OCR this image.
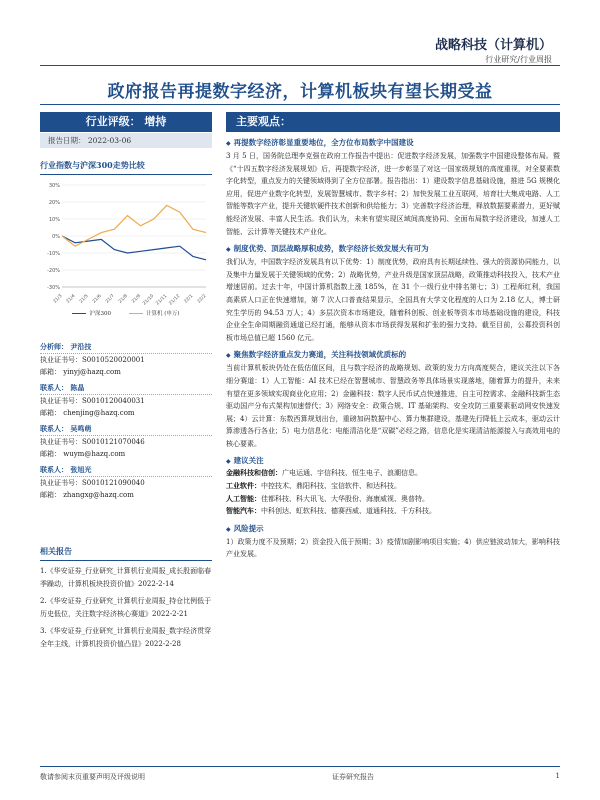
战略科技（计算机）
行业研究/行业周报
政府报告再提数字经济，计算机板块有望长期受益
行业评级： 增持
报告日期： 2022-03-06
行业指数与沪深300走势比较
-30%
-20%
-10%
0%
10%
20%
30%
21/3 21/4 21/5 21/6 21/7 21/8 21/9 21/10 21/11 21/12 22/1 22/2
沪深300	计算机 (申万)
分析师： 尹沿技
执业证书号：S0010520020001
邮箱： yinyj@hazq.com
联系人： 陈晶
执业证书号：S0010120040031
邮箱： chenjing@hazq.com
联系人： 吴鸣萌
执业证书号：S0010121070046
邮箱： wuym@hazq.com
联系人： 张旭光
执业证书号：S0010121090040
邮箱： zhangxg@hazq.com
相关报告
1.《华安证券_行业研究_计算机行业周报_成长股面临春季躁动，计算机板块投资价值》2022-2-14
2.《华安证券_行业研究_计算机行业周报_持仓比例低于历史低位，关注数字经济核心赛道》2022-2-21
3.《华安证券_行业研究_计算机行业周报_数字经济贯穿全年主线，计算机投资价值凸显》2022-2-28
主要观点：
◆ 再提数字经济彰显重要地位，全方位布局数字中国建设
3 月 5 日，国务院总理李克强在政府工作报告中提出：促进数字经济发展，加强数字中国建设整体布局。暨《“十四五数字经济发展规划》后，再提数字经济，进一步彰显了对这一国家级规划的高度重视，对全要素数字化转型，重点发力的关键领域得到了全方位部署。报告指出：1）建设数字信息基础设施，推进 5G 规模化应用，促进产业数字化转型，发展智慧城市、数字乡村；2）加快发展工业互联网，培育壮大集成电路、人工智能等数字产业，提升关键软硬件技术创新和供给能力；3）完善数字经济治理，释放数据要素潜力，更好赋能经济发展、丰富人民生活。我们认为，未来有望实现区域间高度协同、全面布局数字经济建设，加速人工智能、云计算等关键技术产业化。
◆ 制度优势、顶层战略厚积成势，数字经济长效发展大有可为
我们认为，中国数字经济发展具有以下优势：1）制度优势，政府具有长期延续性、强大的资源协同能力，以及集中力量发展于关键领域的优势；2）战略优势，产业升级是国家顶层战略，政策推动科技投入，技术产业增速居前。过去十年，中国计算机指数上涨 185%，在 31 个一级行业中排名第七；3）工程师红利，我国高素质人口正在快速增加，第 7 次人口普查结果显示，全国具有大学文化程度的人口为 2.18 亿人，博士研究生学历的 94.53 万人；4）多层次资本市场建设，随着科创板、创业板等资本市场基础设施的建设，科技企业全生命周期融资通道已经打通，能够从资本市场获得发展和扩张的强力支持。截至目前，公募投资科创板市场总值已超 1560 亿元。
◆ 聚焦数字经济重点发力赛道，关注科技领域优质标的
当前计算机板块仍处在低估值区间，且与数字经济的战略规划、政策的发力方向高度契合，建议关注以下各细分赛道：1）人工智能：AI 技术已经在智慧城市、智慧政务等具体场景实现落地，随着算力的提升，未来有望在更多领域实现商业化应用；2）金融科技：数字人民币试点快速推进，自主可控需求、金融科技新生态驱动国产分布式架构加速替代；3）网络安全：政策合规、IT 基础架构、安全攻防三重要素驱动网安快速发展；4）云计算：东数西算规划出台，重磅加码数据中心、算力集群建设，基建先行降低上云成本，驱动云计算渗透各行各业；5）电力信息化：电能清洁化是“双碳”必经之路，信息化是实现清洁能源接入与高效用电的核心要素。
◆ 建议关注
金融科技和信创：广电运通、宇信科技、恒生电子、浪潮信息。
工业软件：中控技术、鼎阳科技、宝信软件、和达科技。
人工智能：佳都科技、科大讯飞、大华股份、海康威视、奥普特。
智能汽车：中科创达、虹软科技、德赛西威、道通科技、千方科技。
◆ 风险提示
1）政策力度不及预期；2）资金投入低于预期；3）疫情加剧影响项目实施；4）供应链波动加大，影响科技产业发展。
敬请参阅末页重要声明及评级说明	证券研究报告	1
